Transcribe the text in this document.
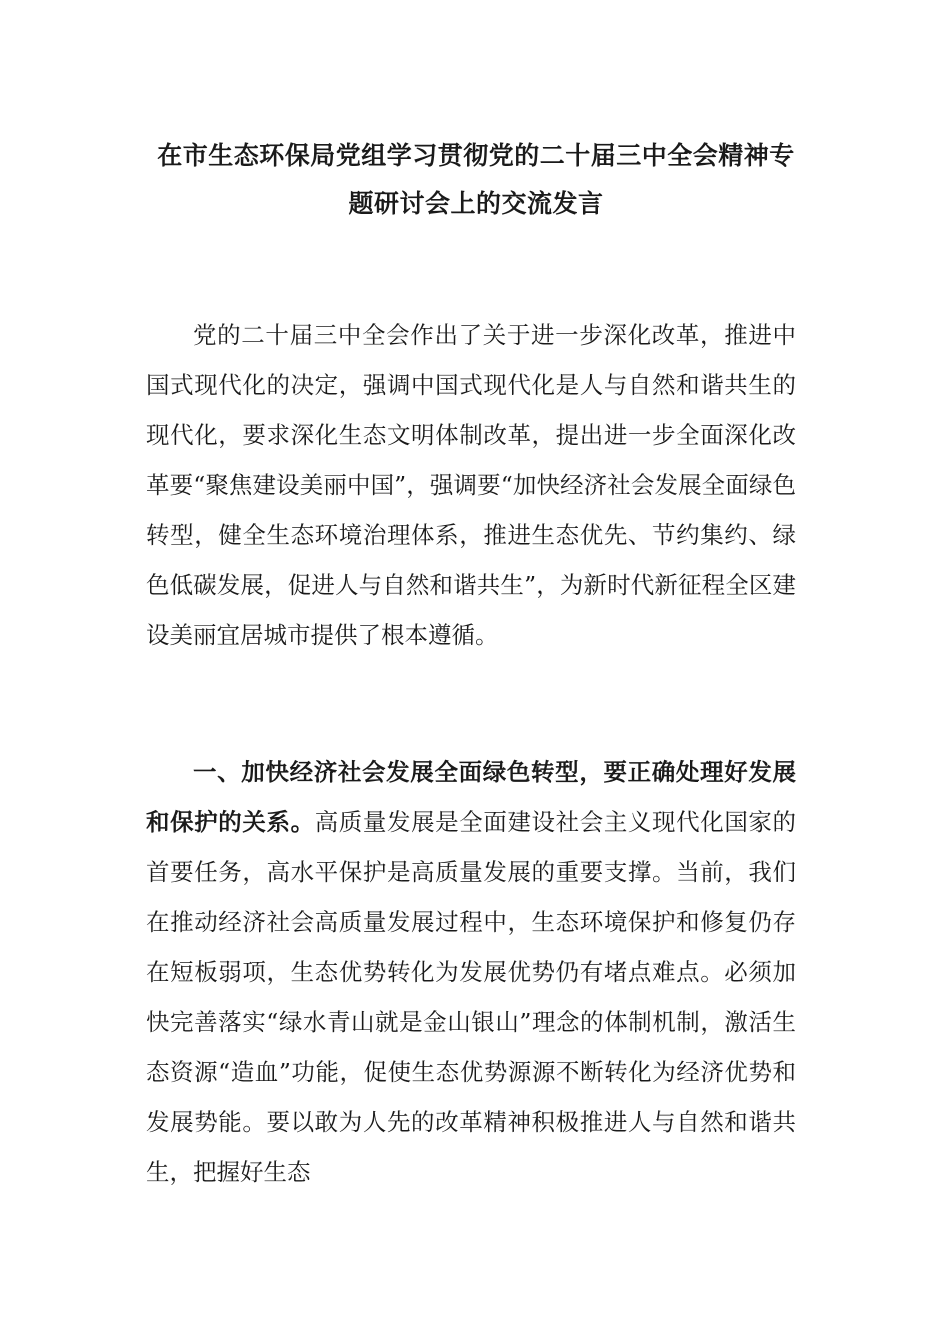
在市生态环保局党组学习贯彻党的二十届三中全会精神专题研讨会上的交流发言

党的二十届三中全会作出了关于进一步深化改革，推进中国式现代化的决定，强调中国式现代化是人与自然和谐共生的现代化，要求深化生态文明体制改革，提出进一步全面深化改革要“聚焦建设美丽中国”，强调要“加快经济社会发展全面绿色转型，健全生态环境治理体系，推进生态优先、节约集约、绿色低碳发展，促进人与自然和谐共生”，为新时代新征程全区建设美丽宜居城市提供了根本遵循。

一、加快经济社会发展全面绿色转型，要正确处理好发展和保护的关系。高质量发展是全面建设社会主义现代化国家的首要任务，高水平保护是高质量发展的重要支撑。当前，我们在推动经济社会高质量发展过程中，生态环境保护和修复仍存在短板弱项，生态优势转化为发展优势仍有堵点难点。必须加快完善落实“绿水青山就是金山银山”理念的体制机制，激活生态资源“造血”功能，促使生态优势源源不断转化为经济优势和发展势能。要以敢为人先的改革精神积极推进人与自然和谐共生，把握好生态
